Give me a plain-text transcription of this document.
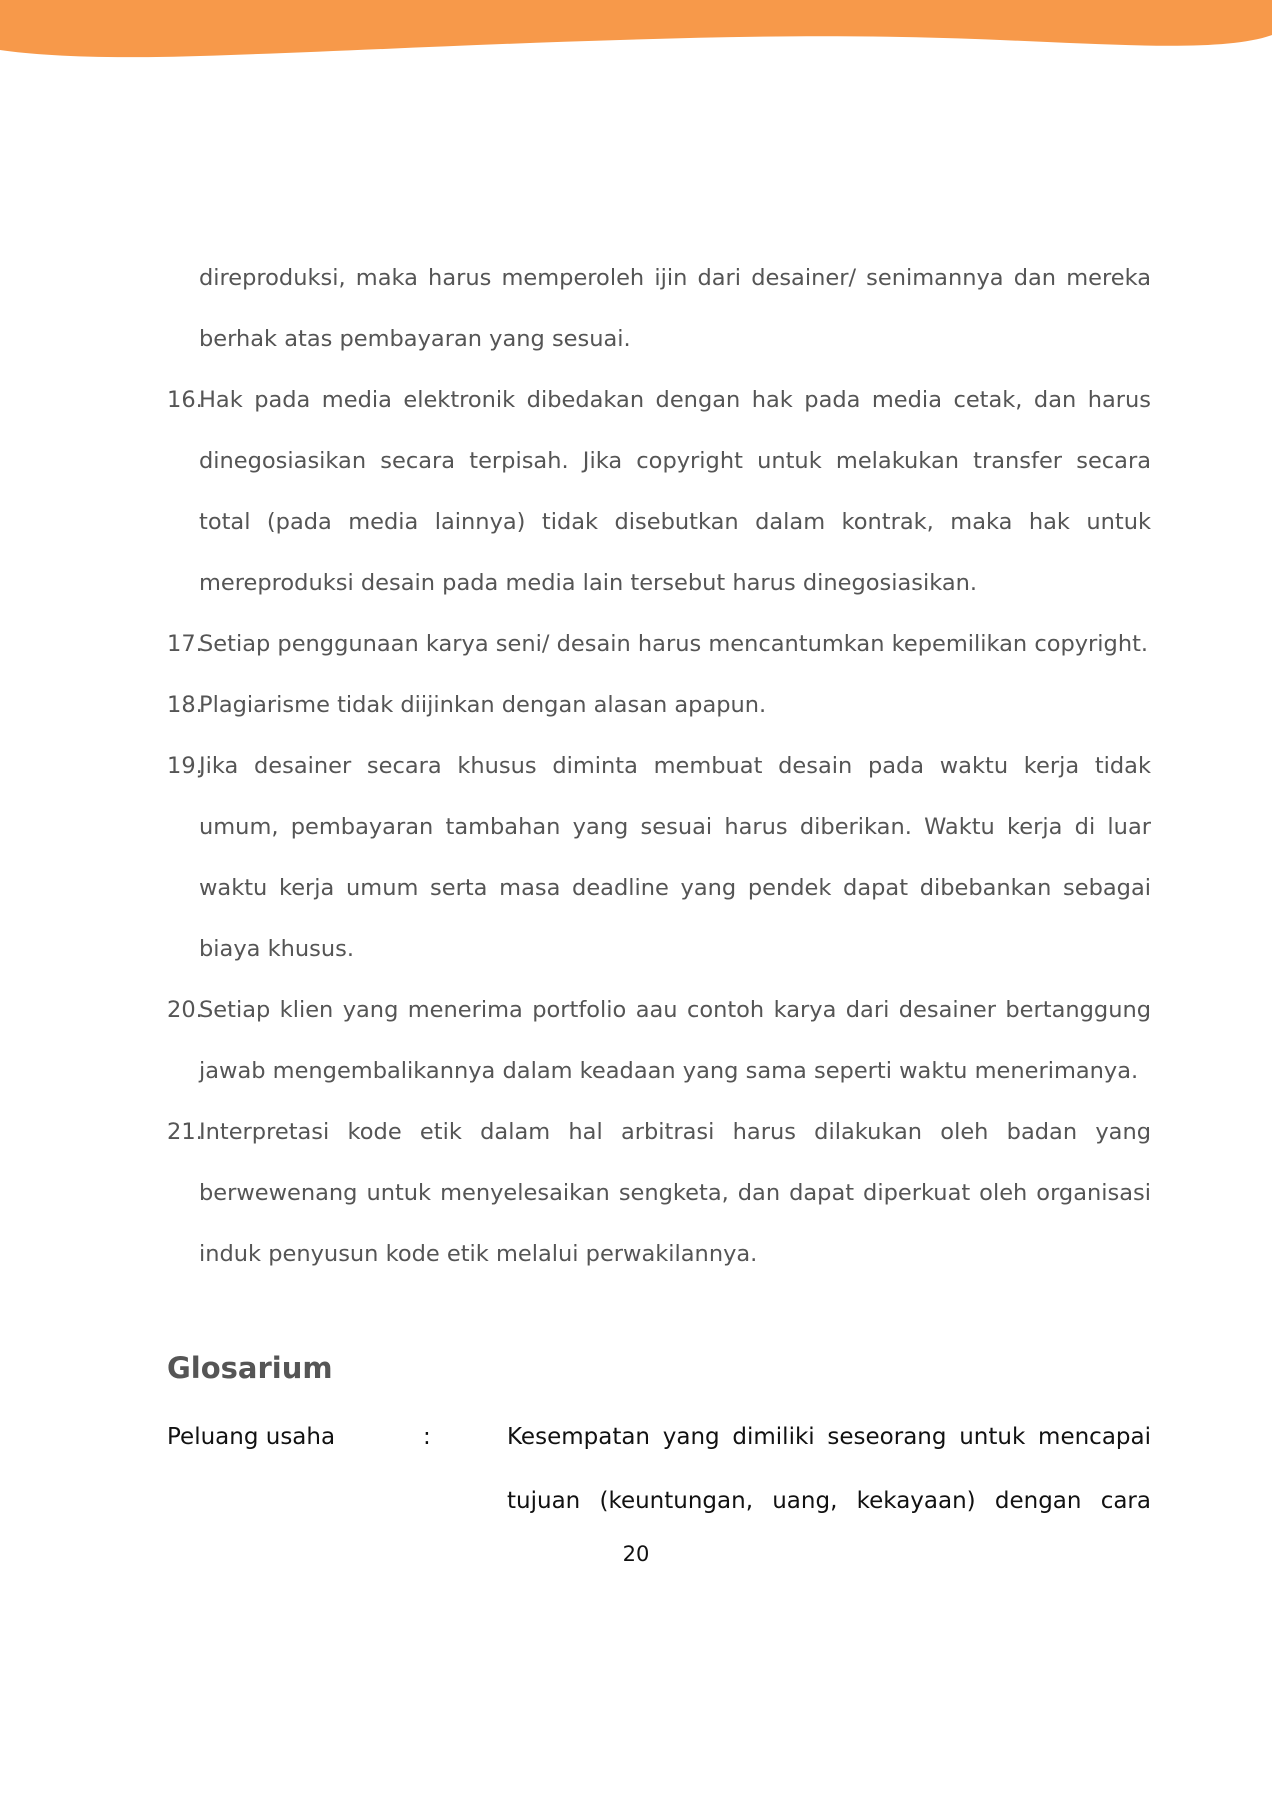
direproduksi, maka harus memperoleh ijin dari desainer/ senimannya dan mereka berhak atas pembayaran yang sesuai.

16.
Hak pada media elektronik dibedakan dengan hak pada media cetak, dan harus dinegosiasikan secara terpisah. Jika copyright untuk melakukan transfer secara total (pada media lainnya) tidak disebutkan dalam kontrak, maka hak untuk mereproduksi desain pada media lain tersebut harus dinegosiasikan.
17.
Setiap penggunaan karya seni/ desain harus mencantumkan kepemilikan copyright.
18.
Plagiarisme tidak diijinkan dengan alasan apapun.
19.
Jika desainer secara khusus diminta membuat desain pada waktu kerja tidak umum, pembayaran tambahan yang sesuai harus diberikan. Waktu kerja di luar waktu kerja umum serta masa deadline yang pendek dapat dibebankan sebagai biaya khusus.
20.
Setiap klien yang menerima portfolio aau contoh karya dari desainer bertanggung jawab mengembalikannya dalam keadaan yang sama seperti waktu menerimanya.
21.
Interpretasi kode etik dalam hal arbitrasi harus dilakukan oleh badan yang berwewenang untuk menyelesaikan sengketa, dan dapat diperkuat oleh organisasi induk penyusun kode etik melalui perwakilannya.
Glosarium
Peluang usaha	:	Kesempatan yang dimiliki seseorang untuk mencapai tujuan (keuntungan, uang, kekayaan) dengan cara
20
